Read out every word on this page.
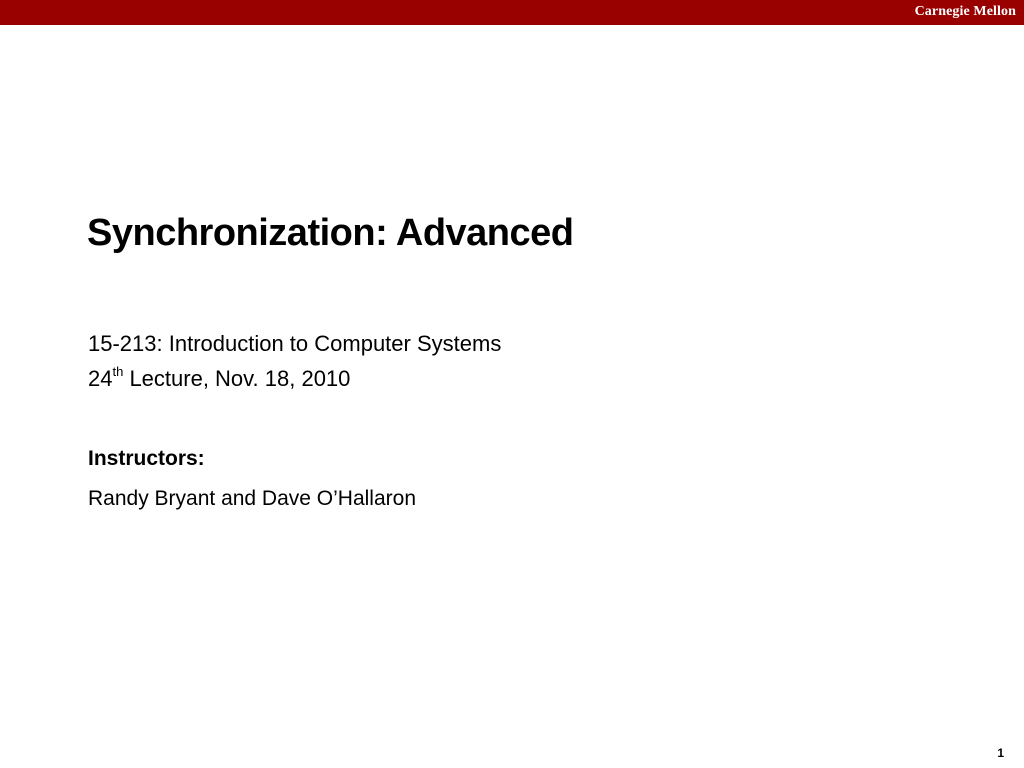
Carnegie Mellon
Synchronization: Advanced
15-213: Introduction to Computer Systems
24th Lecture, Nov. 18, 2010
Instructors:
Randy Bryant and Dave O’Hallaron
1
